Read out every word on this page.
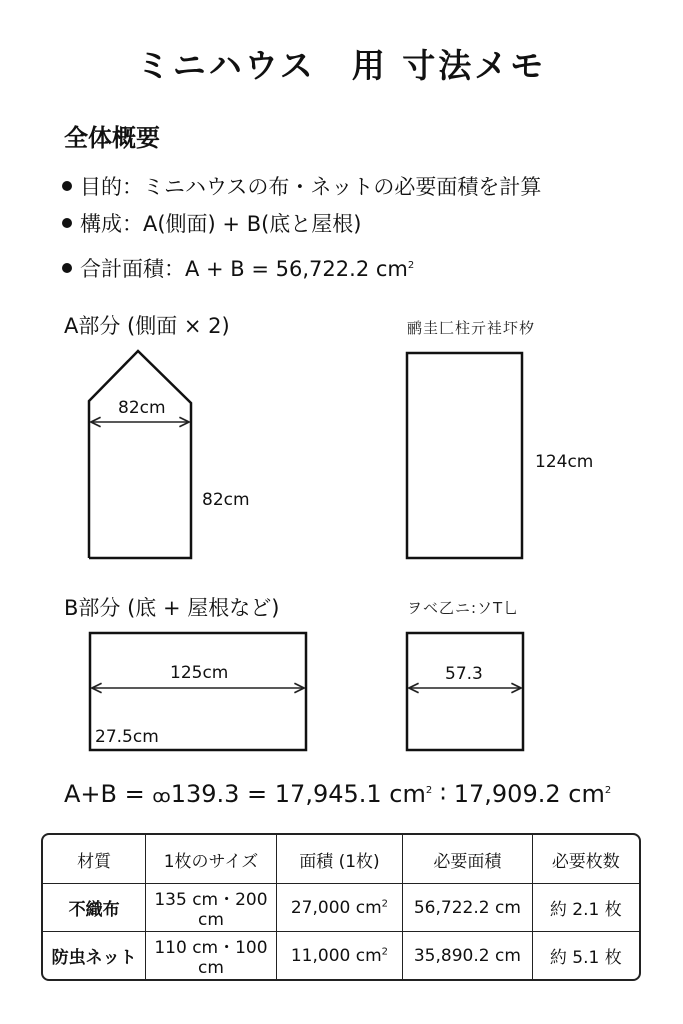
ミニハウス　用 寸法メモ
全体概要
目的：ミニハウスの布・ネットの必要面積を計算
構成：A(側面) + B(底と屋根)
合計面積：A + B = 56,722.2 $cm^2$
A部分 (側面 × 2)	鹂圭匚柱亓袿圷𣏐
82cm
82cm
124cm
B部分 (底 + 屋根など)	ヲベ乙ニ:ソT乚
125cm
27.5cm
57.3
A+B = ꝏ139.3 = 17,945.1 $cm^2$ ∶ 17,909.2 $cm^2$
材質	1枚のサイズ	面積 (1枚)	必要面積	必要枚数
不織布	135 cm・200 cm	27,000 $cm^2$	56,722.2 cm	約 2.1 枚
防虫ネット	110 cm・100 cm	11,000 $cm^2$	35,890.2 cm	約 5.1 枚
